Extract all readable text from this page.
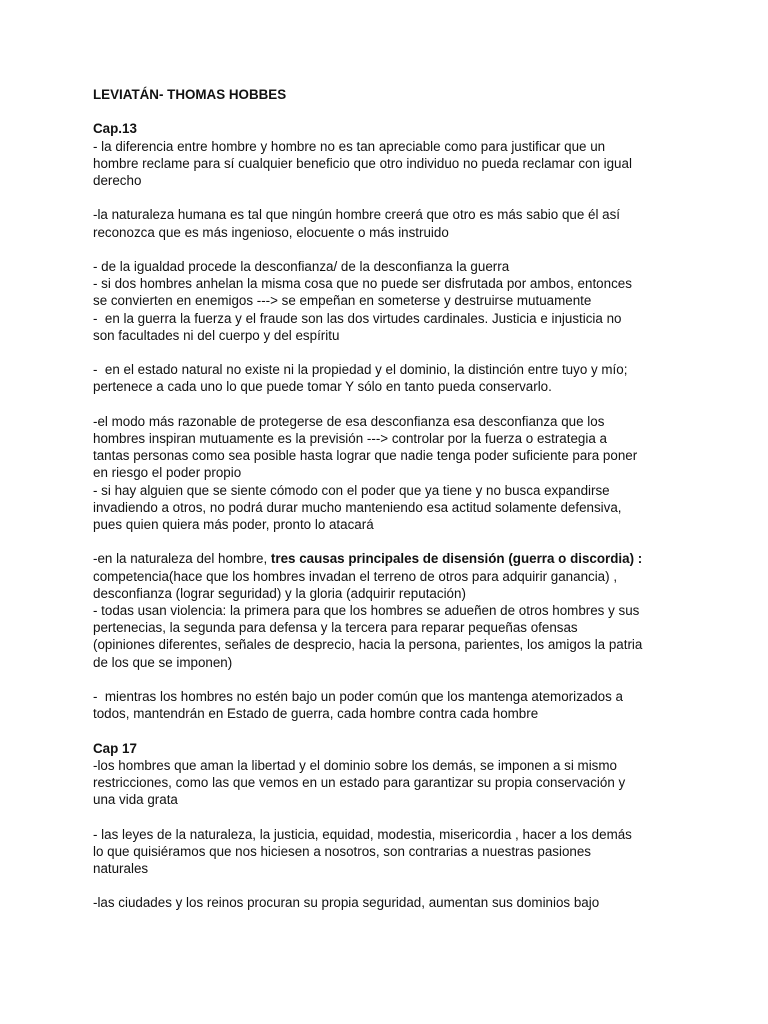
LEVIATÁN- THOMAS HOBBES
Cap.13
- la diferencia entre hombre y hombre no es tan apreciable como para justificar que un
hombre reclame para sí cualquier beneficio que otro individuo no pueda reclamar con igual
derecho
-la naturaleza humana es tal que ningún hombre creerá que otro es más sabio que él así
reconozca que es más ingenioso, elocuente o más instruido
- de la igualdad procede la desconfianza/ de la desconfianza la guerra
- si dos hombres anhelan la misma cosa que no puede ser disfrutada por ambos, entonces
se convierten en enemigos ---> se empeñan en someterse y destruirse mutuamente
-  en la guerra la fuerza y el fraude son las dos virtudes cardinales. Justicia e injusticia no
son facultades ni del cuerpo y del espíritu
-  en el estado natural no existe ni la propiedad y el dominio, la distinción entre tuyo y mío;
pertenece a cada uno lo que puede tomar Y sólo en tanto pueda conservarlo.
-el modo más razonable de protegerse de esa desconfianza esa desconfianza que los
hombres inspiran mutuamente es la previsión ---> controlar por la fuerza o estrategia a
tantas personas como sea posible hasta lograr que nadie tenga poder suficiente para poner
en riesgo el poder propio
- si hay alguien que se siente cómodo con el poder que ya tiene y no busca expandirse
invadiendo a otros, no podrá durar mucho manteniendo esa actitud solamente defensiva,
pues quien quiera más poder, pronto lo atacará
-en la naturaleza del hombre, tres causas principales de disensión (guerra o discordia) :
competencia(hace que los hombres invadan el terreno de otros para adquirir ganancia) ,
desconfianza (lograr seguridad) y la gloria (adquirir reputación)
- todas usan violencia: la primera para que los hombres se adueñen de otros hombres y sus
pertenecias, la segunda para defensa y la tercera para reparar pequeñas ofensas
(opiniones diferentes, señales de desprecio, hacia la persona, parientes, los amigos la patria
de los que se imponen)
-  mientras los hombres no estén bajo un poder común que los mantenga atemorizados a
todos, mantendrán en Estado de guerra, cada hombre contra cada hombre
Cap 17
-los hombres que aman la libertad y el dominio sobre los demás, se imponen a si mismo
restricciones, como las que vemos en un estado para garantizar su propia conservación y
una vida grata
- las leyes de la naturaleza, la justicia, equidad, modestia, misericordia , hacer a los demás
lo que quisiéramos que nos hiciesen a nosotros, son contrarias a nuestras pasiones
naturales
-las ciudades y los reinos procuran su propia seguridad, aumentan sus dominios bajo
